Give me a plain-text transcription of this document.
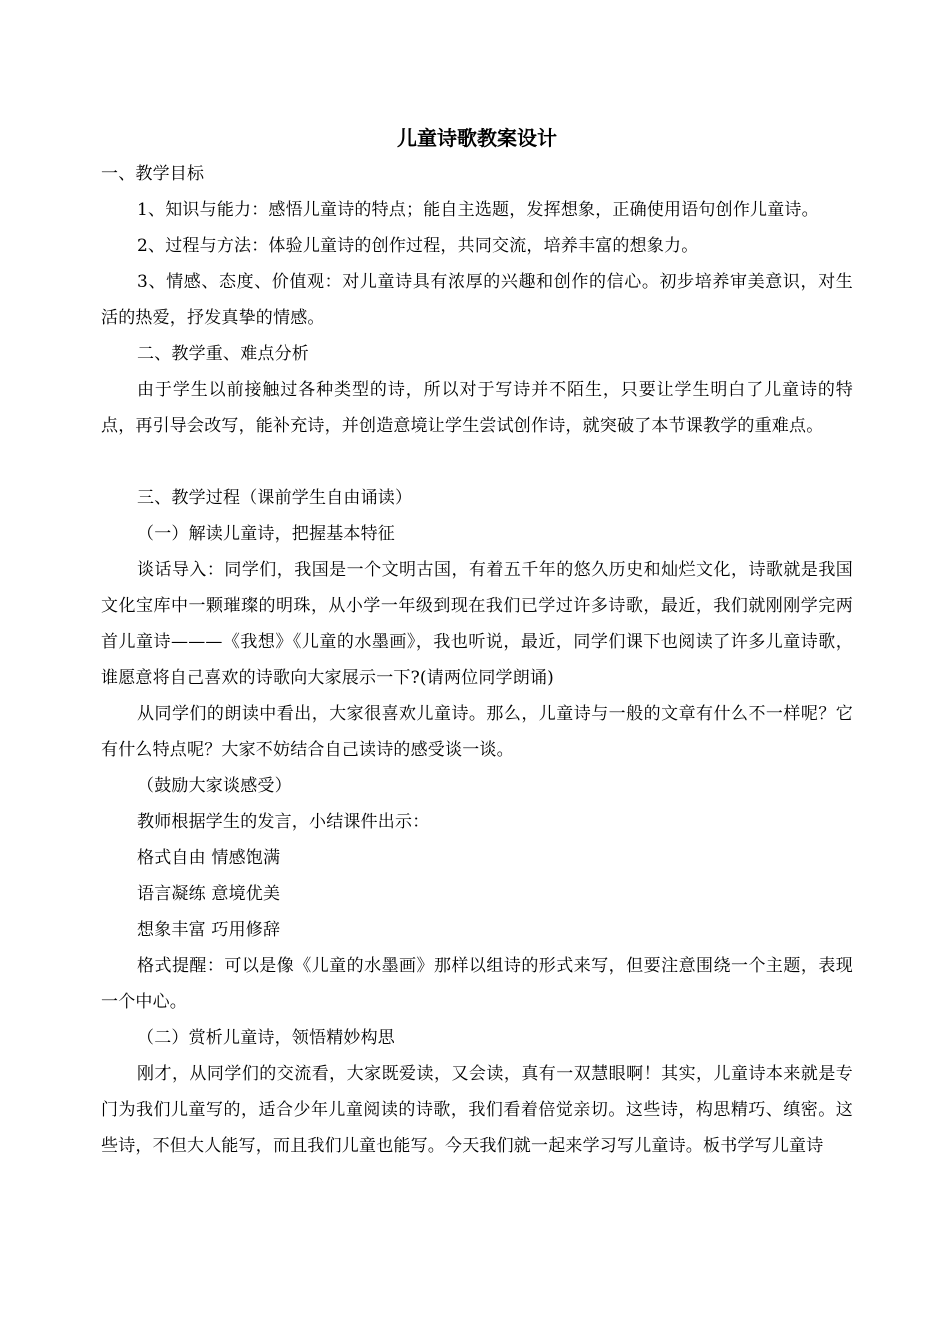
儿童诗歌教案设计

一、教学目标

1、知识与能力：感悟儿童诗的特点；能自主选题，发挥想象，正确使用语句创作儿童诗。

2、过程与方法：体验儿童诗的创作过程，共同交流，培养丰富的想象力。

3、情感、态度、价值观：对儿童诗具有浓厚的兴趣和创作的信心。初步培养审美意识，对生活的热爱，抒发真挚的情感。

二、教学重、难点分析

由于学生以前接触过各种类型的诗，所以对于写诗并不陌生，只要让学生明白了儿童诗的特点，再引导会改写，能补充诗，并创造意境让学生尝试创作诗，就突破了本节课教学的重难点。

三、教学过程（课前学生自由诵读）

（一）解读儿童诗，把握基本特征

谈话导入：同学们，我国是一个文明古国，有着五千年的悠久历史和灿烂文化，诗歌就是我国文化宝库中一颗璀璨的明珠，从小学一年级到现在我们已学过许多诗歌，最近，我们就刚刚学完两首儿童诗———《我想》《儿童的水墨画》，我也听说，最近，同学们课下也阅读了许多儿童诗歌，谁愿意将自己喜欢的诗歌向大家展示一下?(请两位同学朗诵)

从同学们的朗读中看出，大家很喜欢儿童诗。那么，儿童诗与一般的文章有什么不一样呢？它有什么特点呢？大家不妨结合自己读诗的感受谈一谈。

（鼓励大家谈感受）

教师根据学生的发言，小结课件出示：

格式自由 情感饱满

语言凝练 意境优美

想象丰富 巧用修辞

格式提醒：可以是像《儿童的水墨画》那样以组诗的形式来写，但要注意围绕一个主题，表现一个中心。

（二）赏析儿童诗，领悟精妙构思

刚才，从同学们的交流看，大家既爱读，又会读，真有一双慧眼啊！其实，儿童诗本来就是专门为我们儿童写的，适合少年儿童阅读的诗歌，我们看着倍觉亲切。这些诗，构思精巧、缜密。这些诗，不但大人能写，而且我们儿童也能写。今天我们就一起来学习写儿童诗。板书学写儿童诗
